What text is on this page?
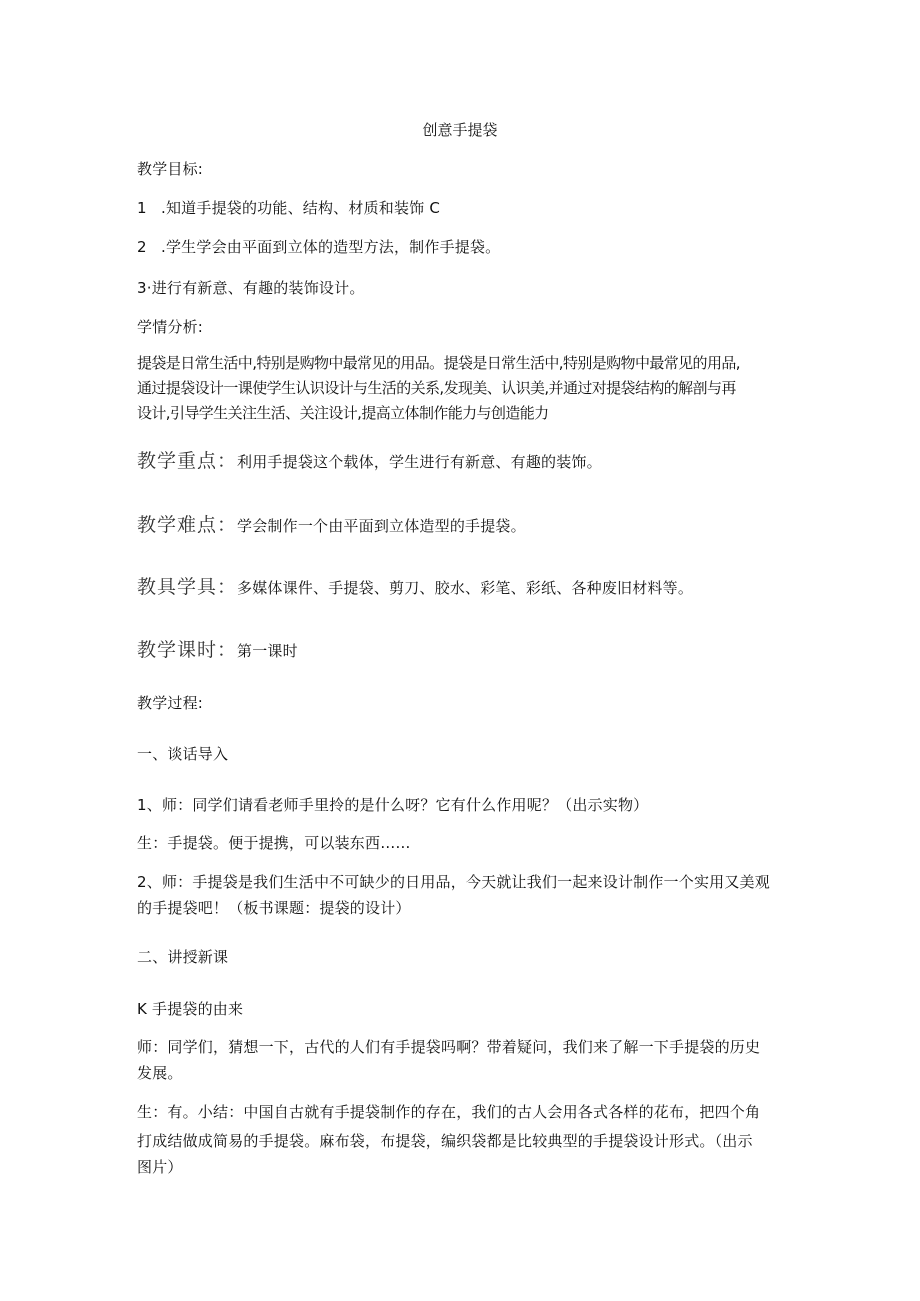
创意手提袋
教学目标:
1 .知道手提袋的功能、结构、材质和装饰 C
2 .学生学会由平面到立体的造型方法，制作手提袋。
3·进行有新意、有趣的装饰设计。
学情分析:
提袋是日常生活中,特别是购物中最常见的用品。提袋是日常生活中,特别是购物中最常见的用品,
通过提袋设计一课使学生认识设计与生活的关系,发现美、认识美,并通过对提袋结构的解剖与再
设计,引导学生关注生活、关注设计,提高立体制作能力与创造能力
教学重点：利用手提袋这个载体，学生进行有新意、有趣的装饰。
教学难点：学会制作一个由平面到立体造型的手提袋。
教具学具：多媒体课件、手提袋、剪刀、胶水、彩笔、彩纸、各种废旧材料等。
教学课时：第一课时
教学过程:
一、谈话导入
1、师：同学们请看老师手里拎的是什么呀？它有什么作用呢？（出示实物）
生：手提袋。便于提携，可以装东西……
2、师：手提袋是我们生活中不可缺少的日用品，今天就让我们一起来设计制作一个实用又美观
的手提袋吧！（板书课题：提袋的设计）
二、讲授新课
K 手提袋的由来
师：同学们，猜想一下，古代的人们有手提袋吗啊？带着疑问，我们来了解一下手提袋的历史
发展。
生：有。小结：中国自古就有手提袋制作的存在，我们的古人会用各式各样的花布，把四个角
打成结做成简易的手提袋。麻布袋，布提袋，编织袋都是比较典型的手提袋设计形式。（出示
图片）
